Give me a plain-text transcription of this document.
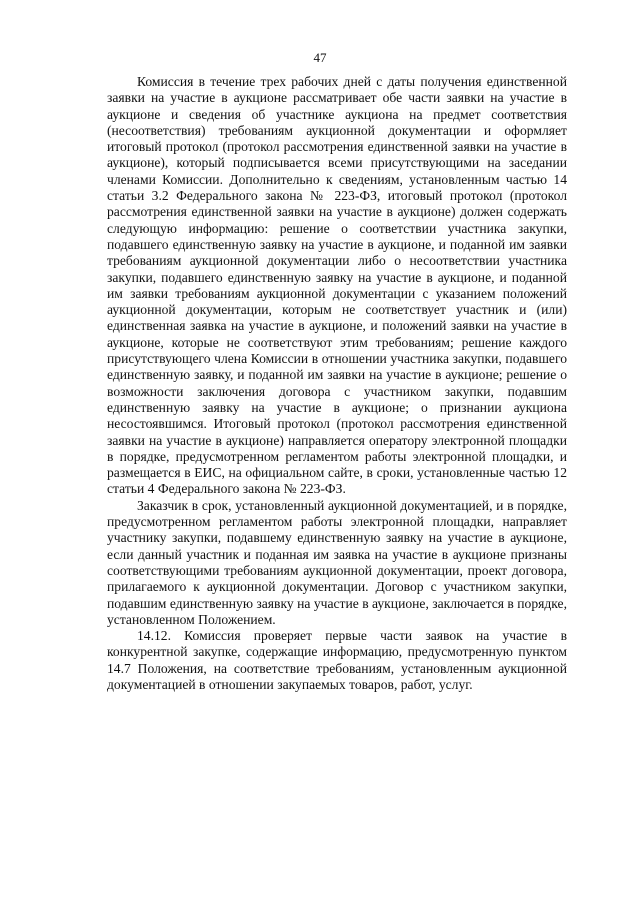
47

Комиссия в течение трех рабочих дней с даты получения единственной заявки на участие в аукционе рассматривает обе части заявки на участие в аукционе и сведения об участнике аукциона на предмет соответствия (несоответствия) требованиям аукционной документации и оформляет итоговый протокол (протокол рассмотрения единственной заявки на участие в аукционе), который подписывается всеми присутствующими на заседании членами Комиссии. Дополнительно к сведениям, установленным частью 14 статьи 3.2 Федерального закона № 223-ФЗ, итоговый протокол (протокол рассмотрения единственной заявки на участие в аукционе) должен содержать следующую информацию: решение о соответствии участника закупки, подавшего единственную заявку на участие в аукционе, и поданной им заявки требованиям аукционной документации либо о несоответствии участника закупки, подавшего единственную заявку на участие в аукционе, и поданной им заявки требованиям аукционной документации с указанием положений аукционной документации, которым не соответствует участник и (или) единственная заявка на участие в аукционе, и положений заявки на участие в аукционе, которые не соответствуют этим требованиям; решение каждого присутствующего члена Комиссии в отношении участника закупки, подавшего единственную заявку, и поданной им заявки на участие в аукционе; решение о возможности заключения договора с участником закупки, подавшим единственную заявку на участие в аукционе; о признании аукциона несостоявшимся. Итоговый протокол (протокол рассмотрения единственной заявки на участие в аукционе) направляется оператору электронной площадки в порядке, предусмотренном регламентом работы электронной площадки, и размещается в ЕИС, на официальном сайте, в сроки, установленные частью 12 статьи 4 Федерального закона № 223-ФЗ.

Заказчик в срок, установленный аукционной документацией, и в порядке, предусмотренном регламентом работы электронной площадки, направляет участнику закупки, подавшему единственную заявку на участие в аукционе, если данный участник и поданная им заявка на участие в аукционе признаны соответствующими требованиям аукционной документации, проект договора, прилагаемого к аукционной документации. Договор с участником закупки, подавшим единственную заявку на участие в аукционе, заключается в порядке, установленном Положением.

14.12. Комиссия проверяет первые части заявок на участие в конкурентной закупке, содержащие информацию, предусмотренную пунктом 14.7 Положения, на соответствие требованиям, установленным аукционной документацией в отношении закупаемых товаров, работ, услуг.
